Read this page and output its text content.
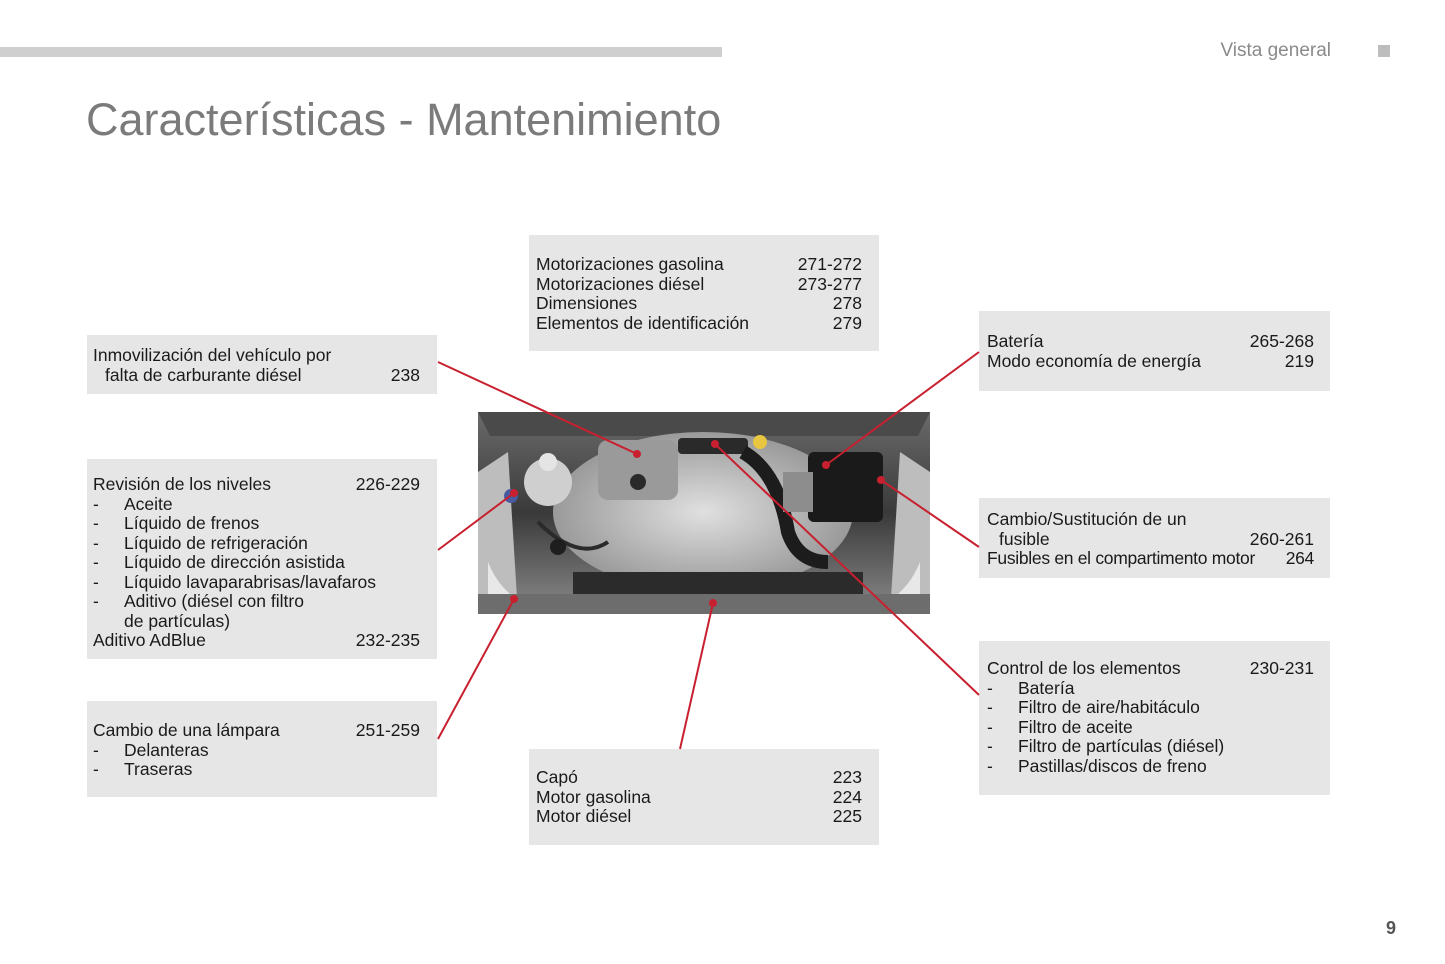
Vista general
Características - Mantenimiento
Motorizaciones gasolina	271-272
Motorizaciones diésel	273-277
Dimensiones	278
Elementos de identificación	279
Inmovilización del vehículo por
falta de carburante diésel	238
Batería	265-268
Modo economía de energía	219
Revisión de los niveles	226-229
-	Aceite
-	Líquido de frenos
-	Líquido de refrigeración
-	Líquido de dirección asistida
-	Líquido lavaparabrisas/lavafaros
-	Aditivo (diésel con filtro
de partículas)
Aditivo AdBlue	232-235
Cambio/Sustitución de un
fusible	260-261
Fusibles en el compartimento motor	264
Cambio de una lámpara	251-259
-	Delanteras
-	Traseras
Control de los elementos	230-231
-	Batería
-	Filtro de aire/habitáculo
-	Filtro de aceite
-	Filtro de partículas (diésel)
-	Pastillas/discos de freno
Capó	223
Motor gasolina	224
Motor diésel	225
9
